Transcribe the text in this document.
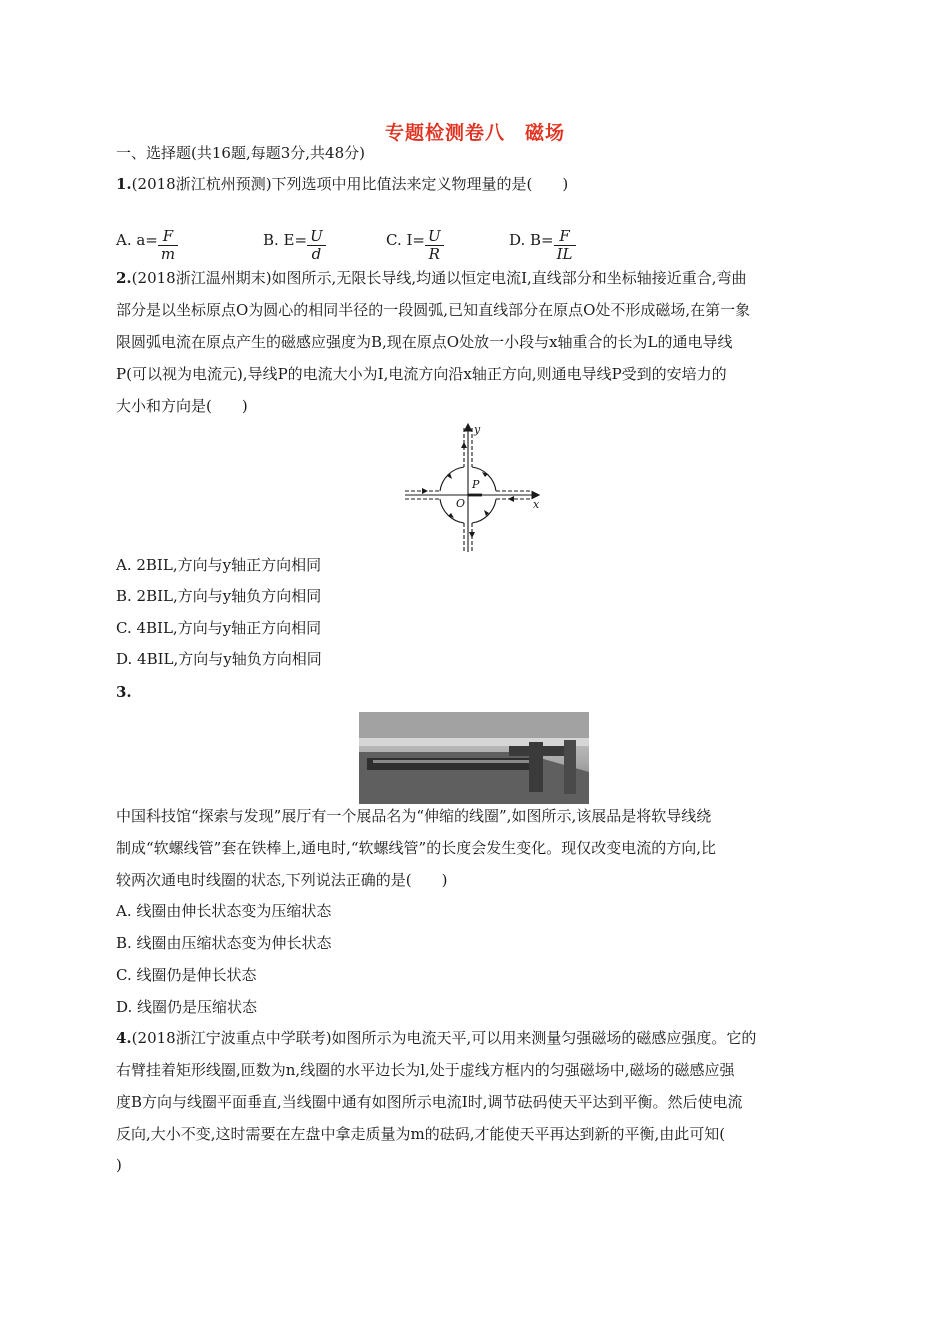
专题检测卷八　磁场
一、选择题(共16题,每题3分,共48分)
1.(2018浙江杭州预测)下列选项中用比值法来定义物理量的是(　　)
A. $a= \frac{F}{m}$	B. $E= \frac{U}{d}$	C. $I= \frac{U}{R}$	D. $B= \frac{F}{IL}$
2.(2018浙江温州期末)如图所示,无限长导线,均通以恒定电流I,直线部分和坐标轴接近重合,弯曲
部分是以坐标原点O为圆心的相同半径的一段圆弧,已知直线部分在原点O处不形成磁场,在第一象
限圆弧电流在原点产生的磁感应强度为B,现在原点O处放一小段与x轴重合的长为L的通电导线
P(可以视为电流元),导线P的电流大小为I,电流方向沿x轴正方向,则通电导线P受到的安培力的
大小和方向是(　　)
y
x
O
P
A. 2BIL,方向与y轴正方向相同
B. 2BIL,方向与y轴负方向相同
C. 4BIL,方向与y轴正方向相同
D. 4BIL,方向与y轴负方向相同
3.
中国科技馆“探索与发现”展厅有一个展品名为“伸缩的线圈”,如图所示,该展品是将软导线绕
制成“软螺线管”套在铁棒上,通电时,“软螺线管”的长度会发生变化。现仅改变电流的方向,比
较两次通电时线圈的状态,下列说法正确的是(　　)
A. 线圈由伸长状态变为压缩状态
B. 线圈由压缩状态变为伸长状态
C. 线圈仍是伸长状态
D. 线圈仍是压缩状态
4.(2018浙江宁波重点中学联考)如图所示为电流天平,可以用来测量匀强磁场的磁感应强度。它的
右臂挂着矩形线圈,匝数为n,线圈的水平边长为l,处于虚线方框内的匀强磁场中,磁场的磁感应强
度B方向与线圈平面垂直,当线圈中通有如图所示电流I时,调节砝码使天平达到平衡。然后使电流
反向,大小不变,这时需要在左盘中拿走质量为m的砝码,才能使天平再达到新的平衡,由此可知(
)
